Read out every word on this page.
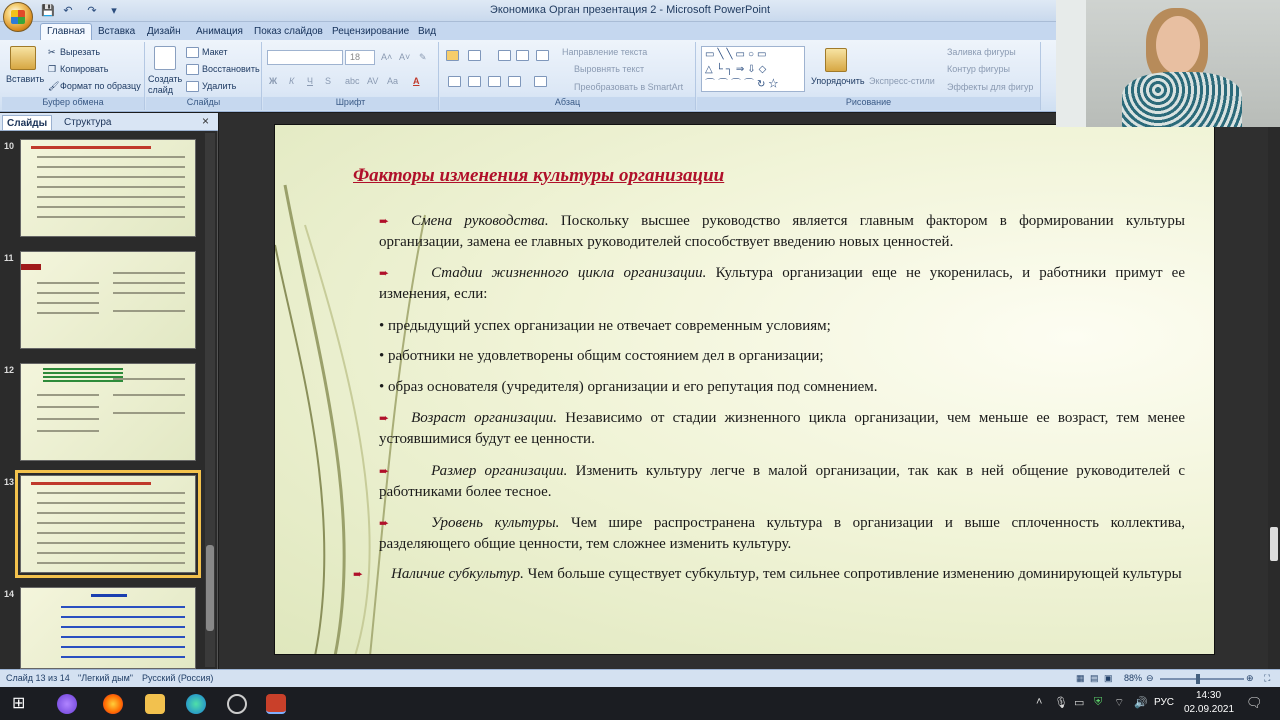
💾 ↶	↷	▾	Экономика Орган презентация 2 - Microsoft PowerPoint
Главная	Вставка Дизайн Анимация Показ слайдов Рецензирование Вид
Вставить
✂ Вырезать
❐ Копировать
🖌 Формат по образцу
Буфер обмена
Создать слайд
Макет
Восстановить
Удалить
Слайды
18	A˄ A˅ ✎
Ж К Ч S abc AV Aa A
Шрифт
Направление текста
Выровнять текст
Преобразовать в SmartArt
Абзац
▭╲╲▭○▭
△└┐⇒⇩◇
⌒⌒⌒⌒↻☆	Упорядочить Экспресс-стили
Заливка фигуры
Контур фигуры
Эффекты для фигур
Рисование
Слайды	Структура	×
10
11
12
13
14
Факторы изменения культуры организации
➨ Смена руководства. Поскольку высшее руководство является главным фактором в формировании культуры организации, замена ее главных руководителей способствует введению новых ценностей.
➨	Стадии жизненного цикла организации. Культура организации еще не укоренилась, и работники примут ее изменения, если:
• предыдущий успех организации не отвечает современным условиям;
• работники не удовлетворены общим состоянием дел в организации;
• образ основателя (учредителя) организации и его репутация под сомнением.
➨ Возраст организации. Независимо от стадии жизненного цикла организации, чем меньше ее возраст, тем менее устоявшимися будут ее ценности.
➨	Размер организации. Изменить культуру легче в малой организации, так как в ней общение руководителей с работниками более тесное.
➨	Уровень культуры. Чем шире распространена культура в организации и выше сплоченность коллектива, разделяющего общие ценности, тем сложнее изменить культуру.
➨ Наличие субкультур. Чем больше существует субкультур, тем сильнее сопротивление изменению доминирующей культуры
Слайд 13 из 14 "Легкий дым" Русский (Россия)	▦ ▤ ▣ 88% ⊖	⊕ ⛶
⊞	˄ 🎙 ▭ ⛨ ⌔ 🔊 РУС
14:30
02.09.2021 🗨
